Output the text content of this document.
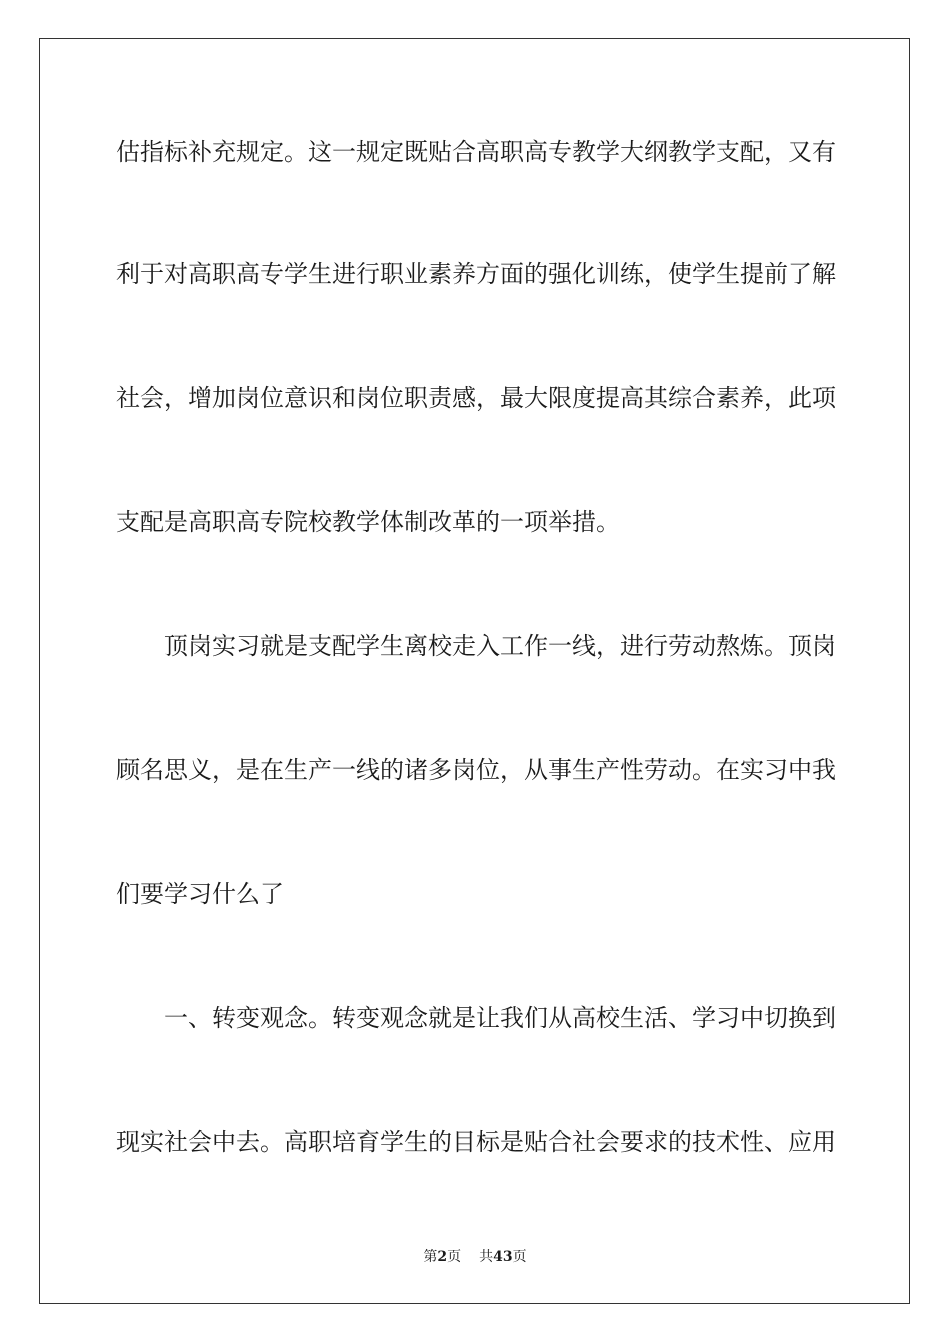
估指标补充规定。这一规定既贴合高职高专教学大纲教学支配，又有
利于对高职高专学生进行职业素养方面的强化训练，使学生提前了解
社会，增加岗位意识和岗位职责感，最大限度提高其综合素养，此项
支配是高职高专院校教学体制改革的一项举措。
顶岗实习就是支配学生离校走入工作一线，进行劳动熬炼。顶岗
顾名思义，是在生产一线的诸多岗位，从事生产性劳动。在实习中我
们要学习什么了
一、转变观念。转变观念就是让我们从高校生活、学习中切换到
现实社会中去。高职培育学生的目标是贴合社会要求的技术性、应用
第2页 共43页
